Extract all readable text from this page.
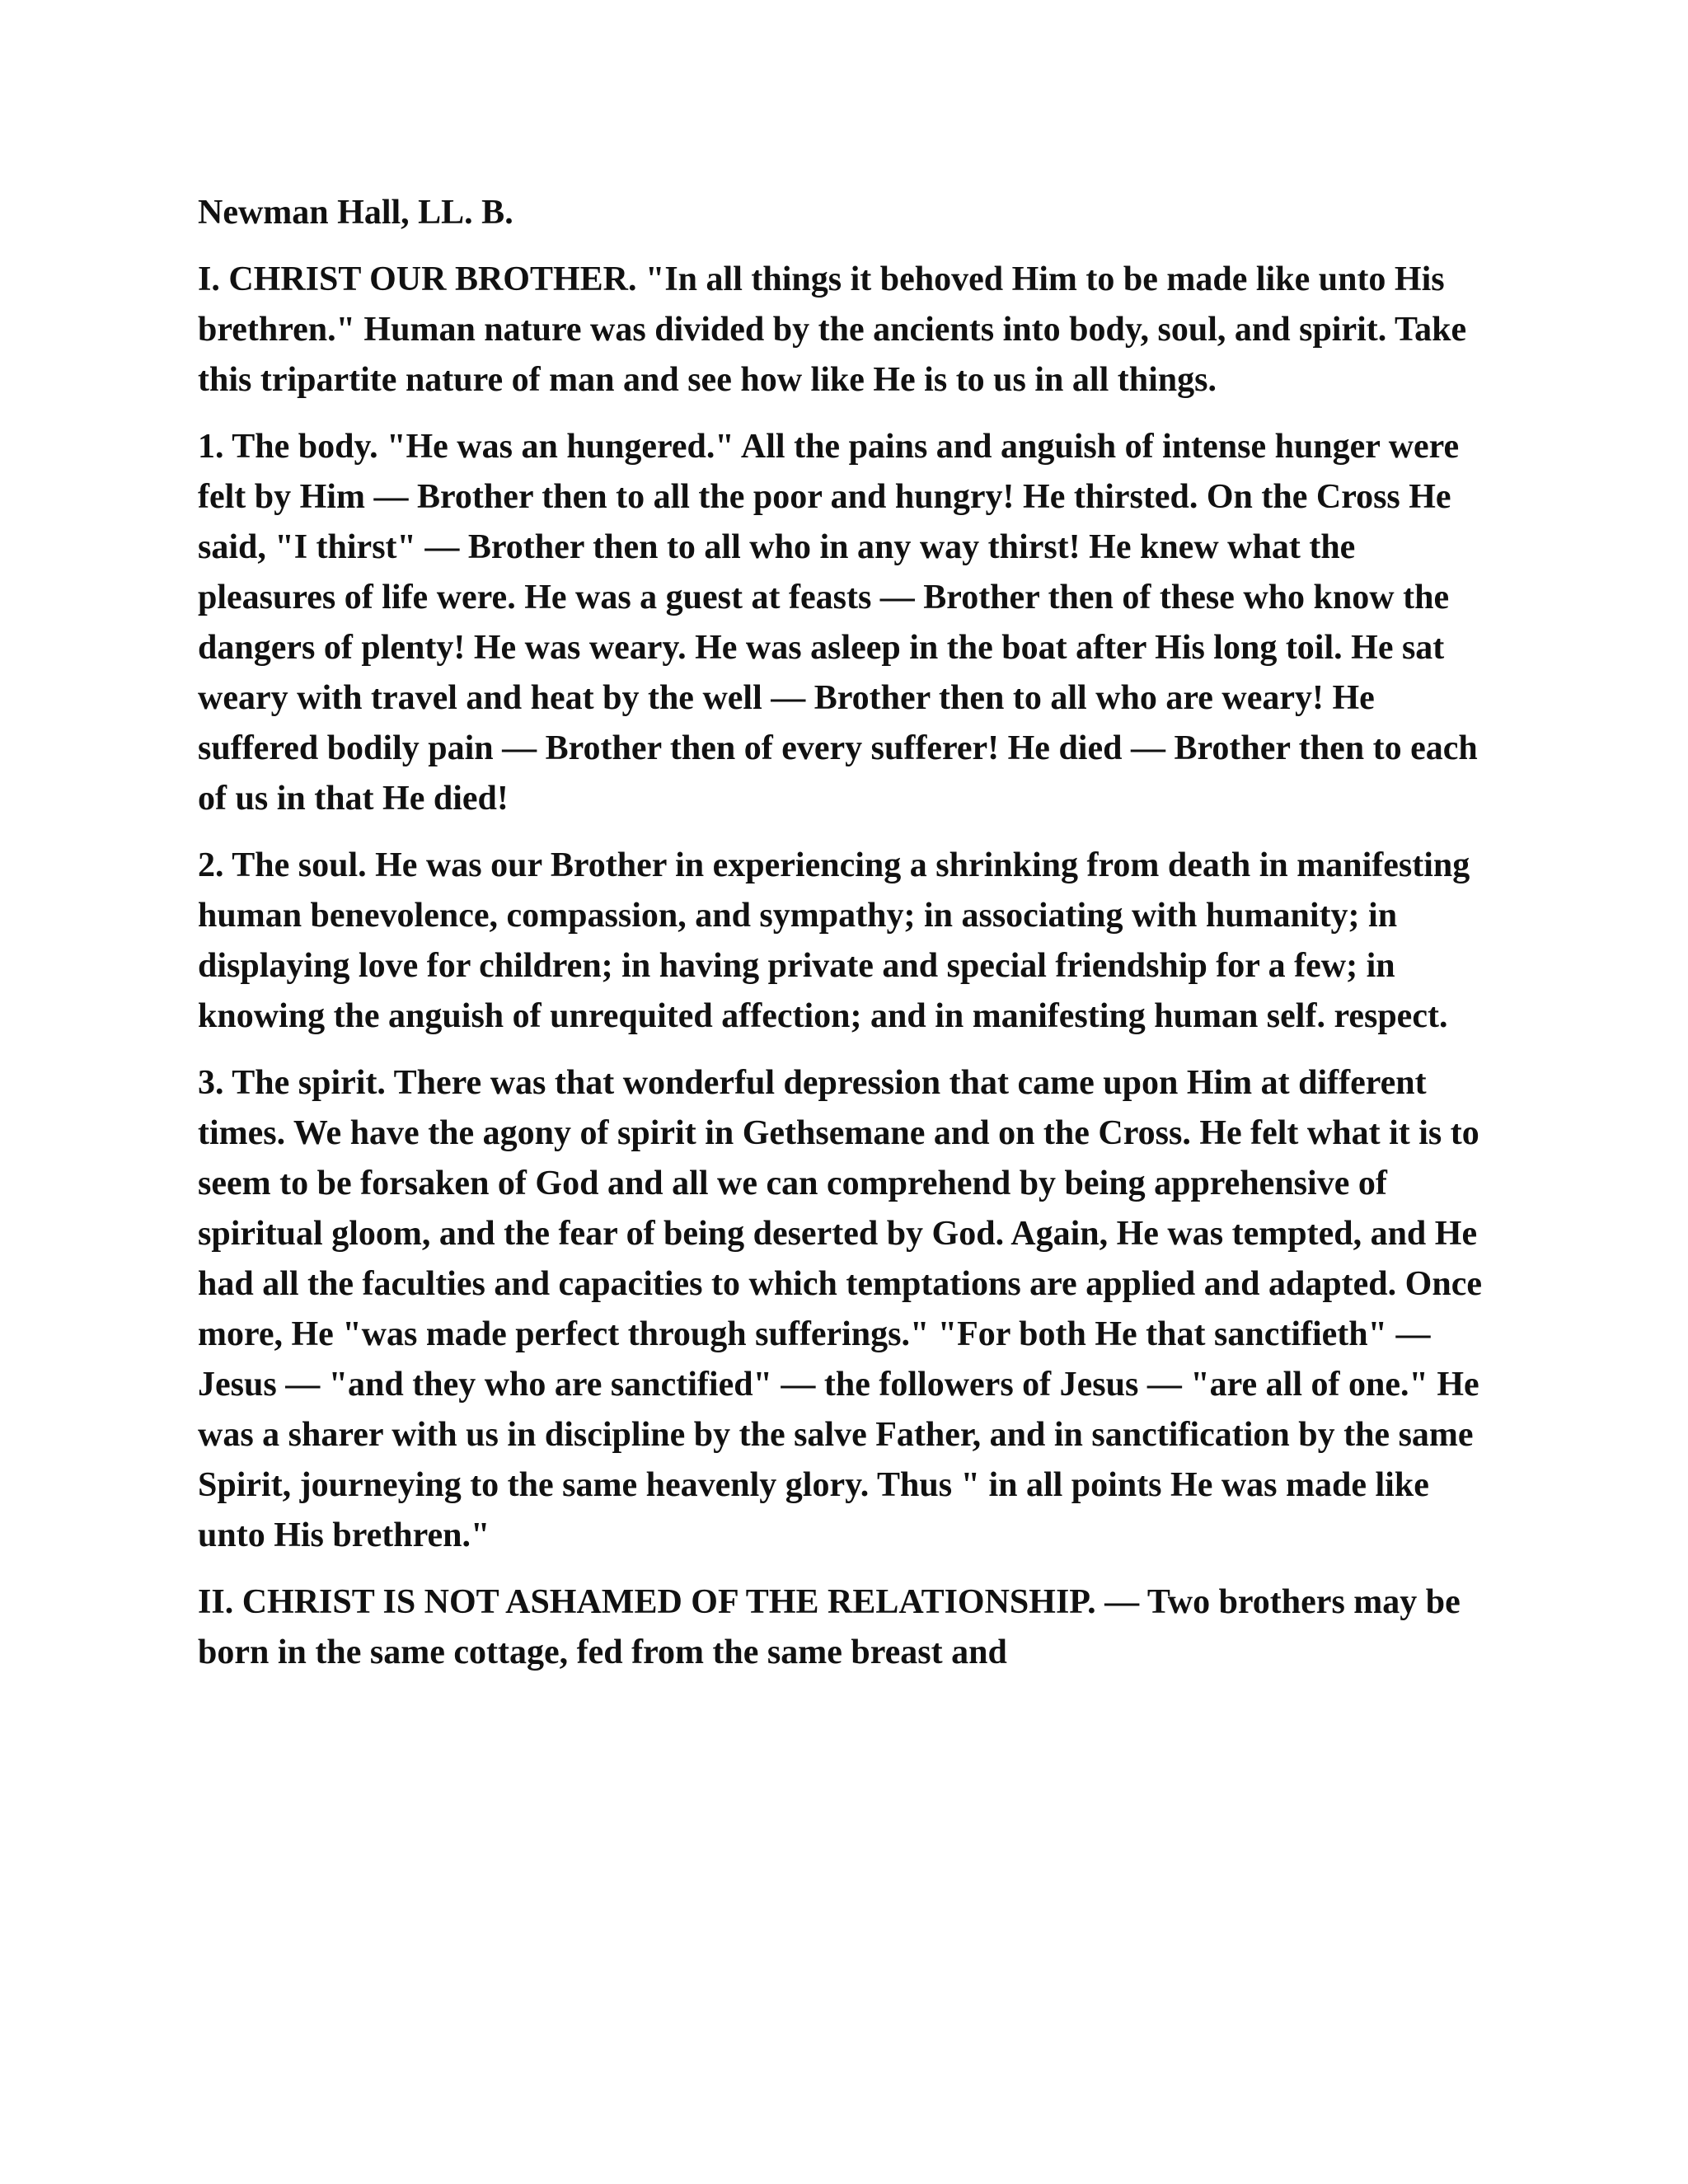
Newman Hall, LL. B.

I. CHRIST OUR BROTHER. "In all things it behoved Him to be made like unto His brethren." Human nature was divided by the ancients into body, soul, and spirit. Take this tripartite nature of man and see how like He is to us in all things.

1. The body. "He was an hungered." All the pains and anguish of intense hunger were felt by Him — Brother then to all the poor and hungry! He thirsted. On the Cross He said, "I thirst" — Brother then to all who in any way thirst! He knew what the pleasures of life were. He was a guest at feasts — Brother then of these who know the dangers of plenty! He was weary. He was asleep in the boat after His long toil. He sat weary with travel and heat by the well — Brother then to all who are weary! He suffered bodily pain — Brother then of every sufferer! He died — Brother then to each of us in that He died!

2. The soul. He was our Brother in experiencing a shrinking from death in manifesting human benevolence, compassion, and sympathy; in associating with humanity; in displaying love for children; in having private and special friendship for a few; in knowing the anguish of unrequited affection; and in manifesting human self. respect.

3. The spirit. There was that wonderful depression that came upon Him at different times. We have the agony of spirit in Gethsemane and on the Cross. He felt what it is to seem to be forsaken of God and all we can comprehend by being apprehensive of spiritual gloom, and the fear of being deserted by God. Again, He was tempted, and He had all the faculties and capacities to which temptations are applied and adapted. Once more, He "was made perfect through sufferings." "For both He that sanctifieth" — Jesus — "and they who are sanctified" — the followers of Jesus — "are all of one." He was a sharer with us in discipline by the salve Father, and in sanctification by the same Spirit, journeying to the same heavenly glory. Thus " in all points He was made like unto His brethren."

II. CHRIST IS NOT ASHAMED OF THE RELATIONSHIP. — Two brothers may be born in the same cottage, fed from the same breast and
